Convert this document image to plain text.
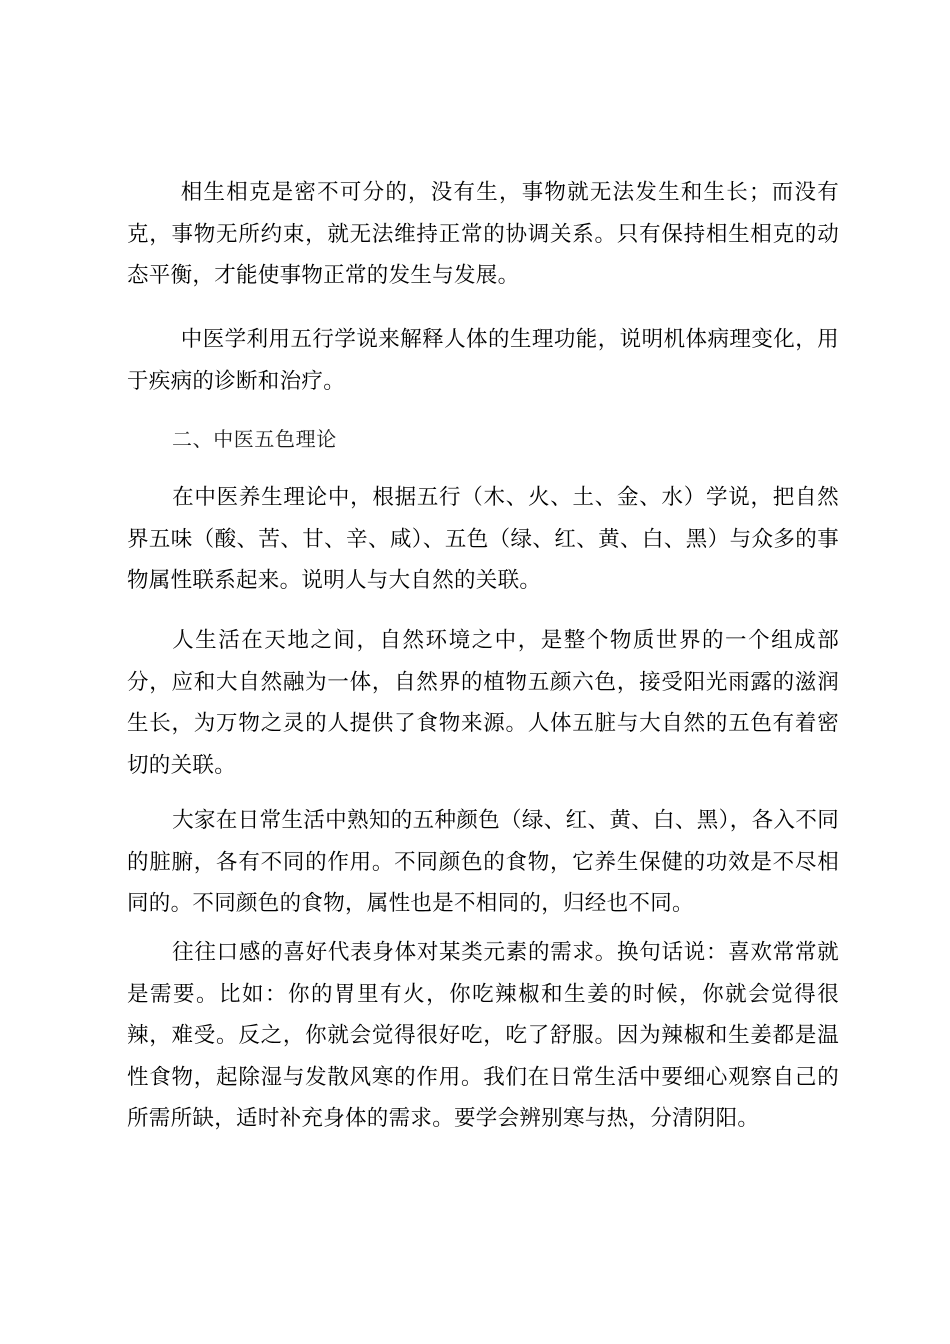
相生相克是密不可分的，没有生，事物就无法发生和生长；而没有克，事物无所约束，就无法维持正常的协调关系。只有保持相生相克的动态平衡，才能使事物正常的发生与发展。

中医学利用五行学说来解释人体的生理功能，说明机体病理变化，用于疾病的诊断和治疗。

二、中医五色理论

在中医养生理论中，根据五行（木、火、土、金、水）学说，把自然界五味（酸、苦、甘、辛、咸）、五色（绿、红、黄、白、黑）与众多的事物属性联系起来。说明人与大自然的关联。

人生活在天地之间，自然环境之中，是整个物质世界的一个组成部分，应和大自然融为一体，自然界的植物五颜六色，接受阳光雨露的滋润生长，为万物之灵的人提供了食物来源。人体五脏与大自然的五色有着密切的关联。

大家在日常生活中熟知的五种颜色（绿、红、黄、白、黑），各入不同的脏腑，各有不同的作用。不同颜色的食物，它养生保健的功效是不尽相同的。不同颜色的食物，属性也是不相同的，归经也不同。

往往口感的喜好代表身体对某类元素的需求。换句话说：喜欢常常就是需要。比如：你的胃里有火，你吃辣椒和生姜的时候，你就会觉得很辣，难受。反之，你就会觉得很好吃，吃了舒服。因为辣椒和生姜都是温性食物，起除湿与发散风寒的作用。我们在日常生活中要细心观察自己的所需所缺，适时补充身体的需求。要学会辨别寒与热，分清阴阳。
